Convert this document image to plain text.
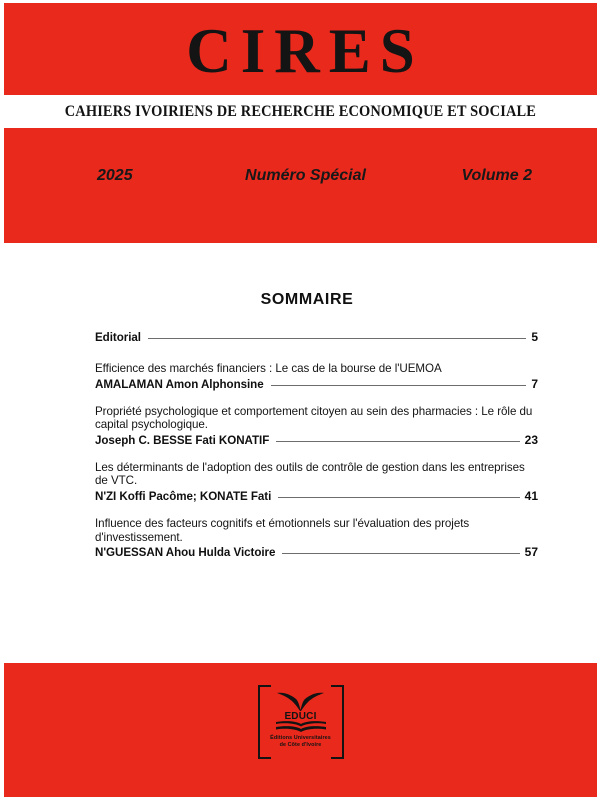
CIRES
CAHIERS IVOIRIENS DE RECHERCHE ECONOMIQUE ET SOCIALE
2025	Numéro Spécial	Volume 2
SOMMAIRE
Editorial	5
Efficience des marchés financiers : Le cas de la bourse de l'UEMOA
AMALAMAN Amon Alphonsine	7
Propriété psychologique et comportement citoyen au sein des pharmacies : Le rôle du capital psychologique.
Joseph C. BESSE Fati KONATIF	23
Les déterminants de l'adoption des outils de contrôle de gestion dans les entreprises de VTC.
N'ZI Koffi Pacôme; KONATE Fati	41
Influence des facteurs cognitifs et émotionnels sur l'évaluation des projets d'investissement.
N'GUESSAN Ahou Hulda Victoire	57
EDUCI
Éditions Universitaires
de Côte d'Ivoire
